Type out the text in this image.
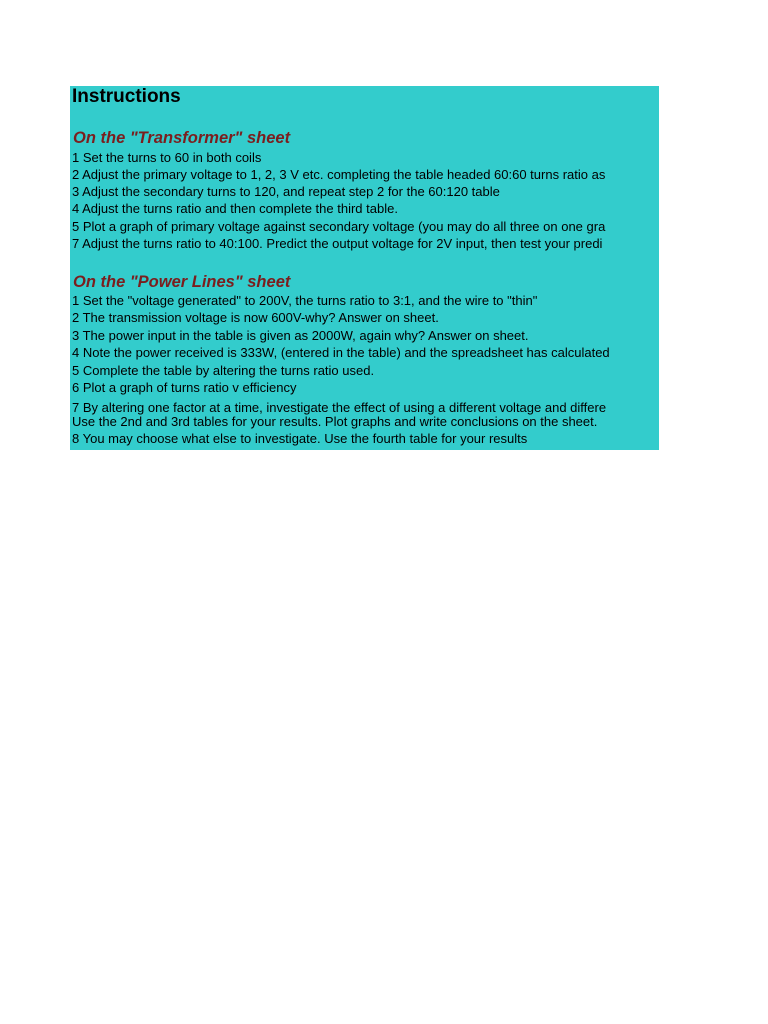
Instructions
On the "Transformer" sheet
1 Set the turns to 60 in both coils
2 Adjust the primary voltage to 1, 2, 3 V etc. completing the table headed 60:60 turns ratio as
3 Adjust the secondary turns to 120, and repeat step 2 for the 60:120 table
4 Adjust the turns ratio and then complete the third table.
5 Plot a graph of primary voltage against secondary voltage (you may do all three on one gra
7 Adjust the turns ratio to 40:100. Predict the output voltage for 2V input, then test your predi
On the "Power Lines" sheet
1 Set the "voltage generated" to 200V, the turns ratio to 3:1, and the wire to "thin"
2 The transmission voltage is now 600V-why? Answer on sheet.
3 The power input in the table is given as 2000W, again why? Answer on sheet.
4 Note the power received is 333W, (entered in the table) and the spreadsheet has calculated
5 Complete the table by altering the turns ratio used.
6 Plot a graph of turns ratio v efficiency
7 By altering one factor at a time, investigate the effect of using a different voltage and differe
Use the 2nd and 3rd tables for your results. Plot graphs and write conclusions on the sheet.
8 You may choose what else to investigate. Use the fourth table for your results
